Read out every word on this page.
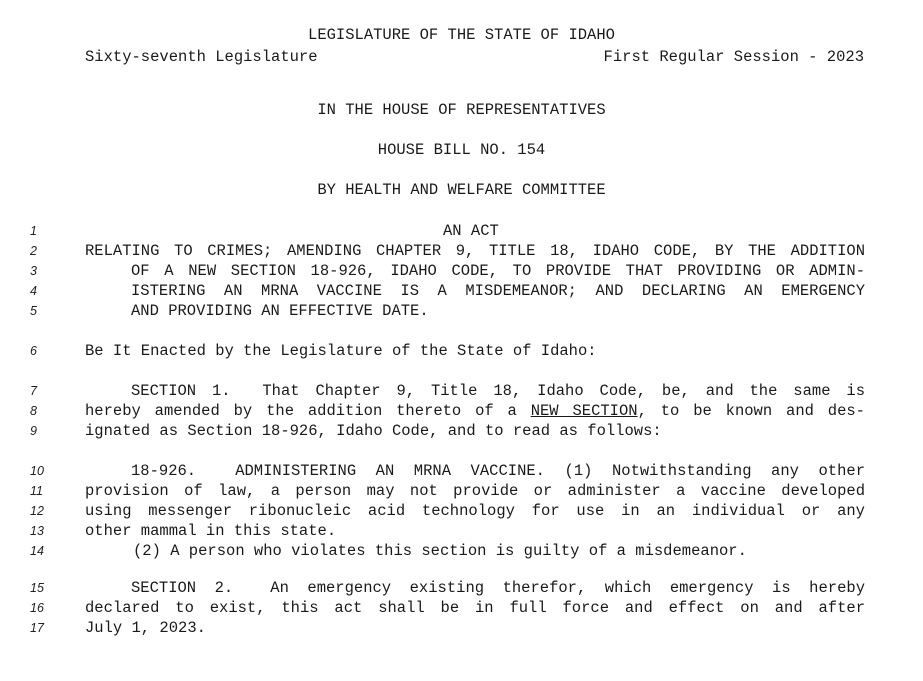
LEGISLATURE OF THE STATE OF IDAHO
Sixty-seventh Legislature	First Regular Session - 2023
IN THE HOUSE OF REPRESENTATIVES
HOUSE BILL NO. 154
BY HEALTH AND WELFARE COMMITTEE
1
2
3
4
5
6
7
8
9
10
11
12
13
14
15
16
17
AN ACT
RELATING TO CRIMES; AMENDING CHAPTER 9, TITLE 18, IDAHO CODE, BY THE ADDITION
OF A NEW SECTION 18-926, IDAHO CODE, TO PROVIDE THAT PROVIDING OR ADMIN-
ISTERING AN MRNA VACCINE IS A MISDEMEANOR; AND DECLARING AN EMERGENCY
AND PROVIDING AN EFFECTIVE DATE.
Be It Enacted by the Legislature of the State of Idaho:
SECTION 1.  That Chapter 9, Title 18, Idaho Code, be, and the same is
hereby amended by the addition thereto of a NEW SECTION, to be known and des-
ignated as Section 18-926, Idaho Code, and to read as follows:
18-926.  ADMINISTERING AN MRNA VACCINE. (1) Notwithstanding any other
provision of law, a person may not provide or administer a vaccine developed
using messenger ribonucleic acid technology for use in an individual or any
other mammal in this state.
(2) A person who violates this section is guilty of a misdemeanor.
SECTION 2.  An emergency existing therefor, which emergency is hereby
declared to exist, this act shall be in full force and effect on and after
July 1, 2023.
